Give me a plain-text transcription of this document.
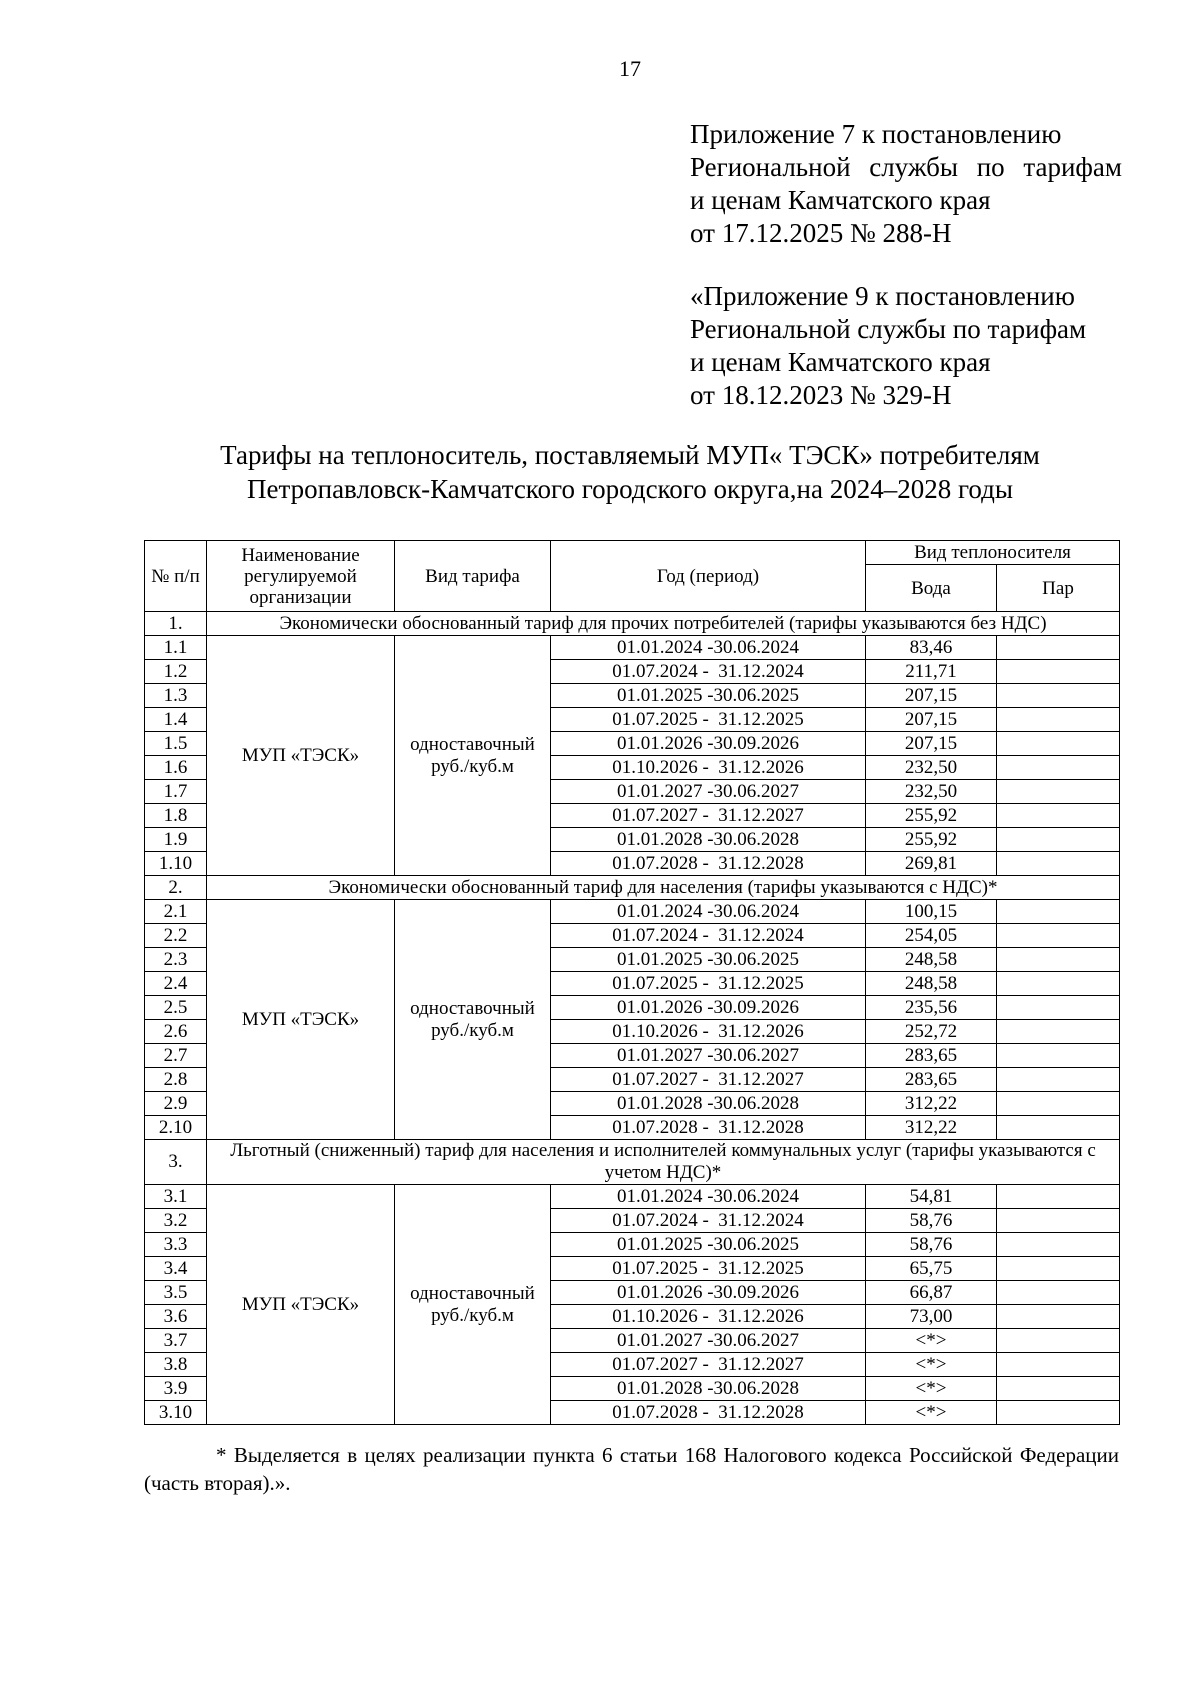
17
Приложение 7 к постановлению
Региональной службы по тарифам
и ценам Камчатского края
от 17.12.2025 № 288-Н
«Приложение 9 к постановлению
Региональной службы по тарифам
и ценам Камчатского края
от 18.12.2023 № 329-Н
Тарифы на теплоноситель, поставляемый МУП« ТЭСК» потребителям
Петропавловск-Камчатского городского округа,на 2024–2028 годы
№ п/п	Наименование регулируемой организации	Вид тарифа	Год (период)	Вид теплоносителя	
				Вода	Пар
1.	Экономически обоснованный тариф для прочих потребителей (тарифы указываются без НДС)				
1.1	МУП «ТЭСК»	одноставочный руб./куб.м	01.01.2024 -30.06.2024	83,46	
1.2			01.07.2024 -  31.12.2024	211,71	
1.3			01.01.2025 -30.06.2025	207,15	
1.4			01.07.2025 -  31.12.2025	207,15	
1.5			01.01.2026 -30.09.2026	207,15	
1.6			01.10.2026 -  31.12.2026	232,50	
1.7			01.01.2027 -30.06.2027	232,50	
1.8			01.07.2027 -  31.12.2027	255,92	
1.9			01.01.2028 -30.06.2028	255,92	
1.10			01.07.2028 -  31.12.2028	269,81	
2.	Экономически обоснованный тариф для населения (тарифы указываются с НДС)*				
2.1	МУП «ТЭСК»	одноставочный руб./куб.м	01.01.2024 -30.06.2024	100,15	
2.2			01.07.2024 -  31.12.2024	254,05	
2.3			01.01.2025 -30.06.2025	248,58	
2.4			01.07.2025 -  31.12.2025	248,58	
2.5			01.01.2026 -30.09.2026	235,56	
2.6			01.10.2026 -  31.12.2026	252,72	
2.7			01.01.2027 -30.06.2027	283,65	
2.8			01.07.2027 -  31.12.2027	283,65	
2.9			01.01.2028 -30.06.2028	312,22	
2.10			01.07.2028 -  31.12.2028	312,22	
3.	Льготный (сниженный) тариф для населения и исполнителей коммунальных услуг (тарифы указываются с учетом НДС)*				
3.1	МУП «ТЭСК»	одноставочный руб./куб.м	01.01.2024 -30.06.2024	54,81	
3.2			01.07.2024 -  31.12.2024	58,76	
3.3			01.01.2025 -30.06.2025	58,76	
3.4			01.07.2025 -  31.12.2025	65,75	
3.5			01.01.2026 -30.09.2026	66,87	
3.6			01.10.2026 -  31.12.2026	73,00	
3.7			01.01.2027 -30.06.2027	<*>	
3.8			01.07.2027 -  31.12.2027	<*>	
3.9			01.01.2028 -30.06.2028	<*>	
3.10			01.07.2028 -  31.12.2028	<*>	
* Выделяется в целях реализации пункта 6 статьи 168 Налогового кодекса Российской Федерации (часть вторая).».
